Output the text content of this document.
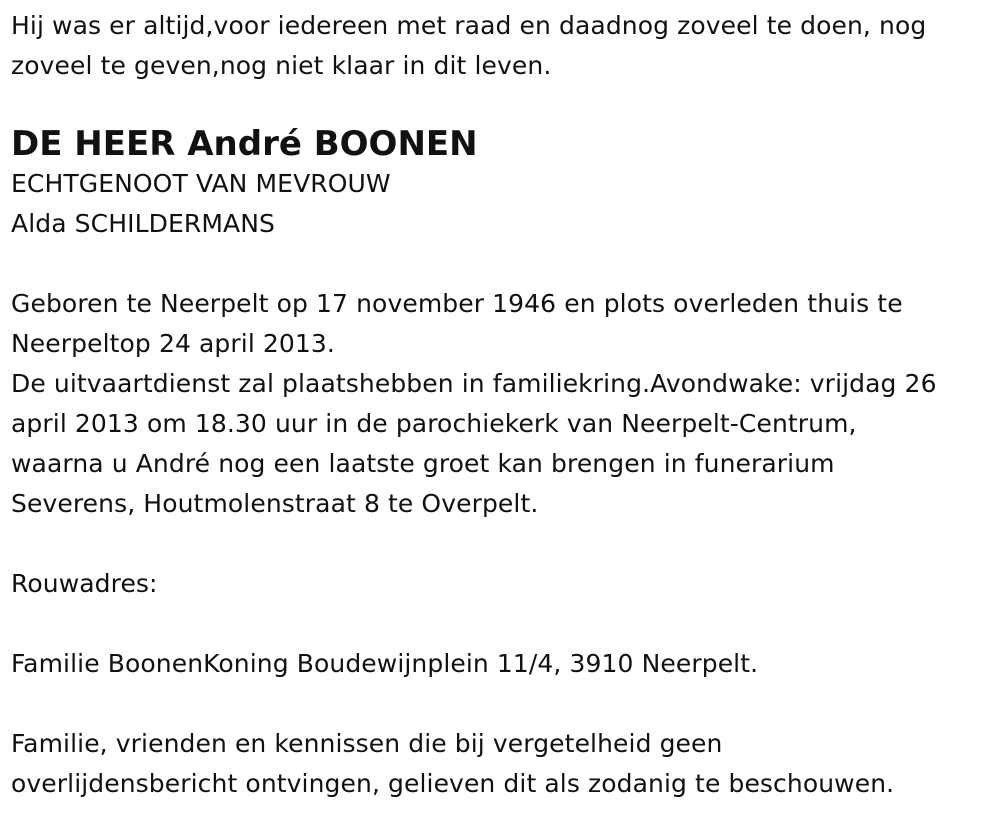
Hij was er altijd,voor iedereen met raad en daadnog zoveel te doen, nog
zoveel te geven,nog niet klaar in dit leven.
DE HEER André BOONEN
ECHTGENOOT VAN MEVROUW
Alda SCHILDERMANS
Geboren te Neerpelt op 17 november 1946 en plots overleden thuis te
Neerpeltop 24 april 2013.
De uitvaartdienst zal plaatshebben in familiekring.Avondwake: vrijdag 26
april 2013 om 18.30 uur in de parochiekerk van Neerpelt-Centrum,
waarna u André nog een laatste groet kan brengen in funerarium
Severens, Houtmolenstraat 8 te Overpelt.
Rouwadres:
Familie BoonenKoning Boudewijnplein 11/4, 3910 Neerpelt.
Familie, vrienden en kennissen die bij vergetelheid geen
overlijdensbericht ontvingen, gelieven dit als zodanig te beschouwen.
